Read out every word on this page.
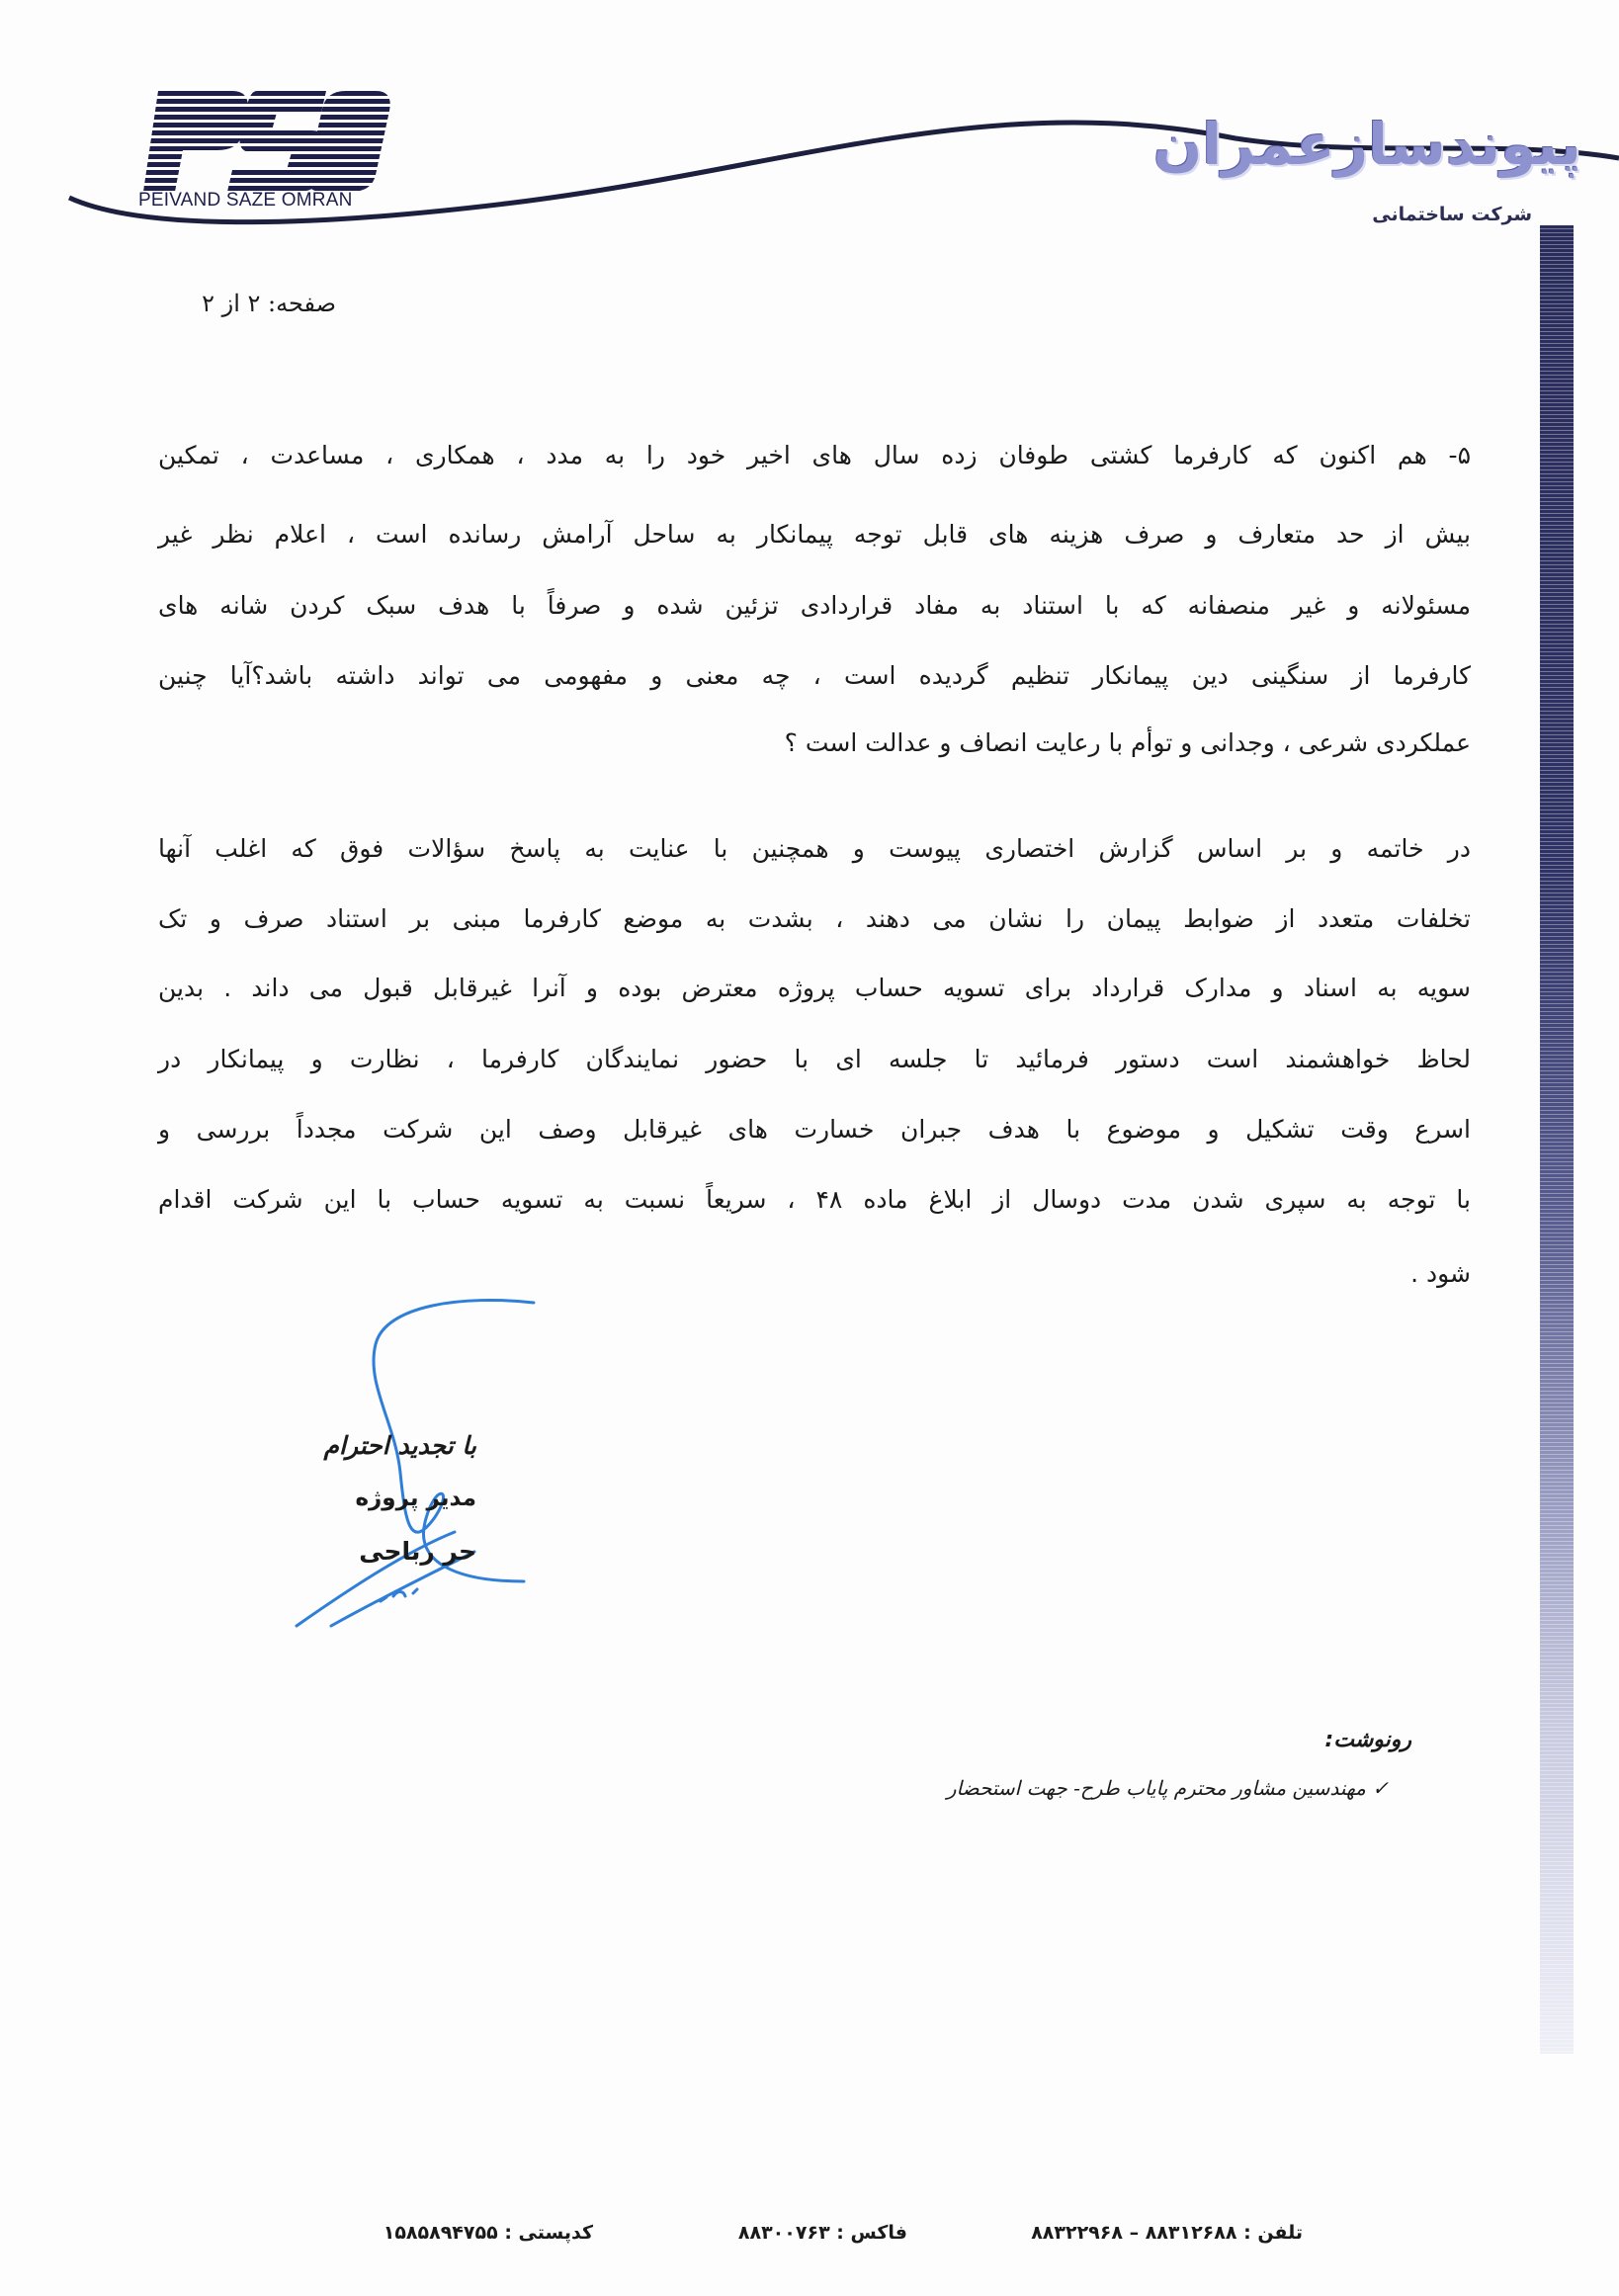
PEIVAND SAZE OMRAN
پیوندسازعمران
شرکت ساختمانی
صفحه: ۲ از ۲
۵- هم اکنون که کارفرما کشتی طوفان زده سال های اخیر خود را به مدد ، همکاری ، مساعدت ، تمکین
بیش از حد متعارف و صرف هزینه های قابل توجه پیمانکار به ساحل آرامش رسانده است ، اعلام نظر غیر
مسئولانه و غیر منصفانه که با استناد به مفاد قراردادی تزئین شده و صرفاً با هدف سبک کردن شانه های
کارفرما از سنگینی دین پیمانکار تنظیم گردیده است ، چه معنی و مفهومی می تواند داشته باشد؟آیا چنین
عملکردی شرعی ، وجدانی و توأم با رعایت انصاف و عدالت است ؟
در خاتمه و بر اساس گزارش اختصاری پیوست و همچنین با عنایت به پاسخ سؤالات فوق که اغلب آنها
تخلفات متعدد از ضوابط پیمان را نشان می دهند ، بشدت به موضع کارفرما مبنی بر استناد صرف و تک
سویه به اسناد و مدارک قرارداد برای تسویه حساب پروژه معترض بوده و آنرا غیرقابل قبول می داند . بدین
لحاظ خواهشمند است دستور فرمائید تا جلسه ای با حضور نمایندگان کارفرما ، نظارت و پیمانکار در
اسرع وقت تشکیل و موضوع با هدف جبران خسارت های غیرقابل وصف این شرکت مجدداً بررسی و
با توجه به سپری شدن مدت دوسال از ابلاغ ماده ۴۸ ، سریعاً نسبت به تسویه حساب با این شرکت اقدام
شود .
با تجدید احترام
مدیر پروژه
حر رباحی
رونوشت:
✓ مهندسین مشاور محترم پایاب طرح- جهت استحضار
تلفن : ۸۸۳۱۲۶۸۸ – ۸۸۳۲۲۹۶۸
فاکس : ۸۸۳۰۰۷۶۳
کدپستی : ۱۵۸۵۸۹۴۷۵۵
